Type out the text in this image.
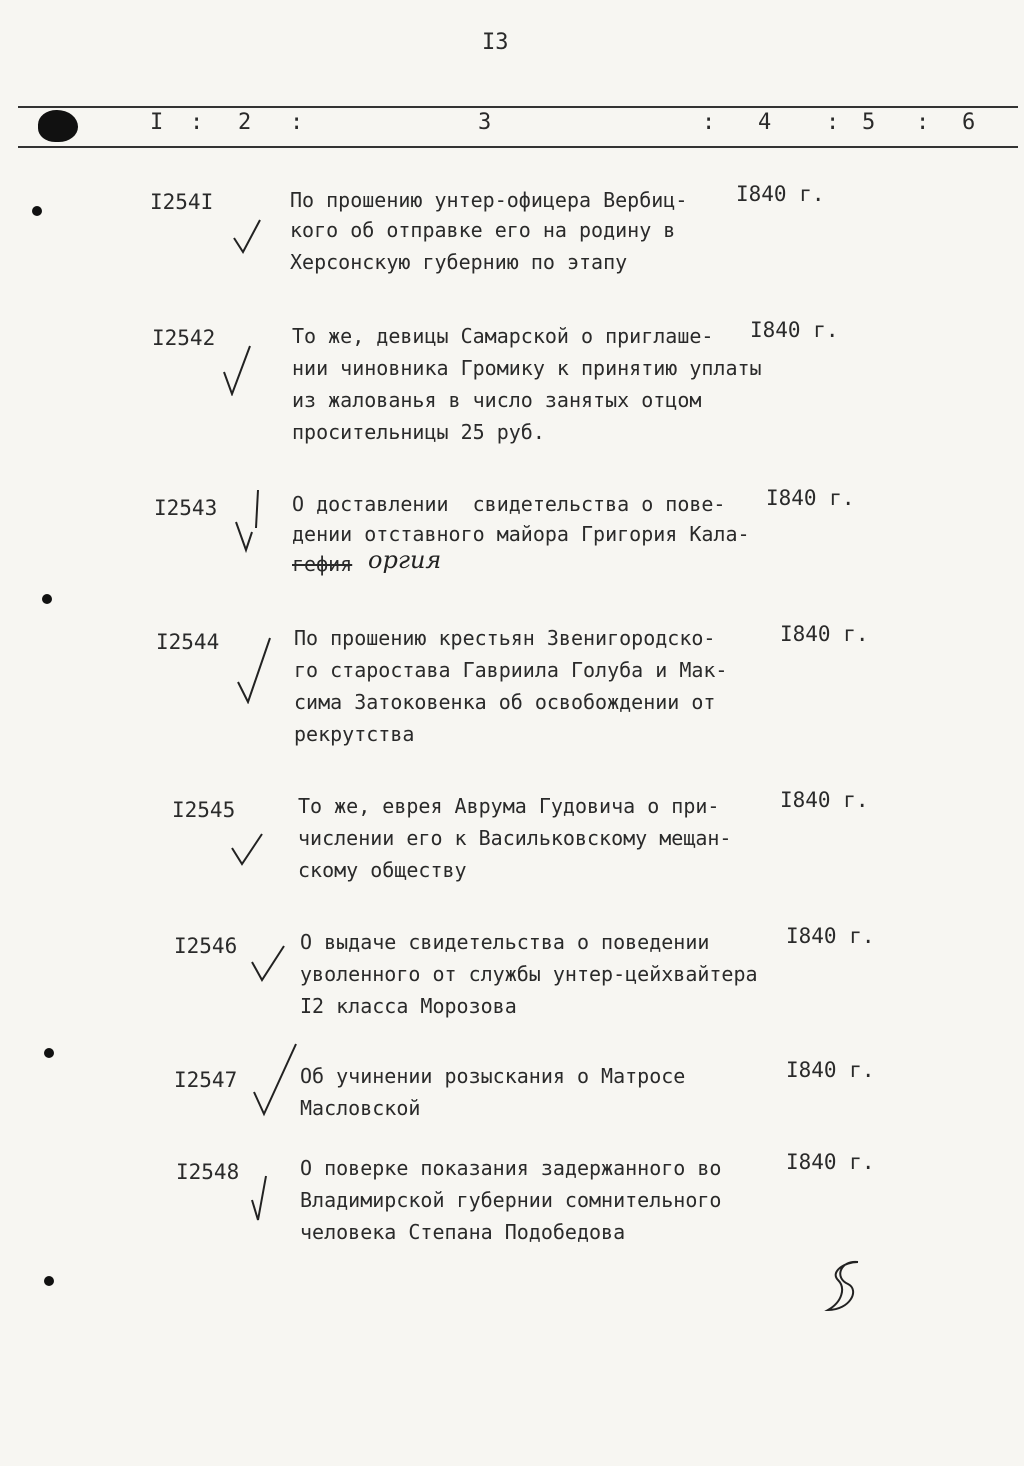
I3
I : 2 :	3	: 4 : 5 : 6
I254I	По прошению унтер-офицера Вербиц-
кого об отправке его на родину в
Херсонскую губернию по этапу
I840 г.
I2542	То же, девицы Самарской о приглаше-
нии чиновника Громику к принятию уплаты
из жалованья в число занятых отцом
просительницы 25 руб.
I840 г.
I2543	О доставлении  свидетельства о пове-
дении отставного майора Григория Кала-
гефия оргия
I840 г.
I2544	По прошению крестьян Звенигородско-
го старостава Гавриила Голуба и Мак-
сима Затоковенка об освобождении от
рекрутства
I840 г.
I2545	То же, еврея Аврума Гудовича о при-
числении его к Васильковскому мещан-
скому обществу
I840 г.
I2546	О выдаче свидетельства о поведении
уволенного от службы унтер-цейхвайтера
I2 класса Морозова
I840 г.
I2547	Об учинении розыскания о Матросе
Масловской
I840 г.
I2548	О поверке показания задержанного во
Владимирской губернии сомнительного
человека Степана Подобедова
I840 г.
